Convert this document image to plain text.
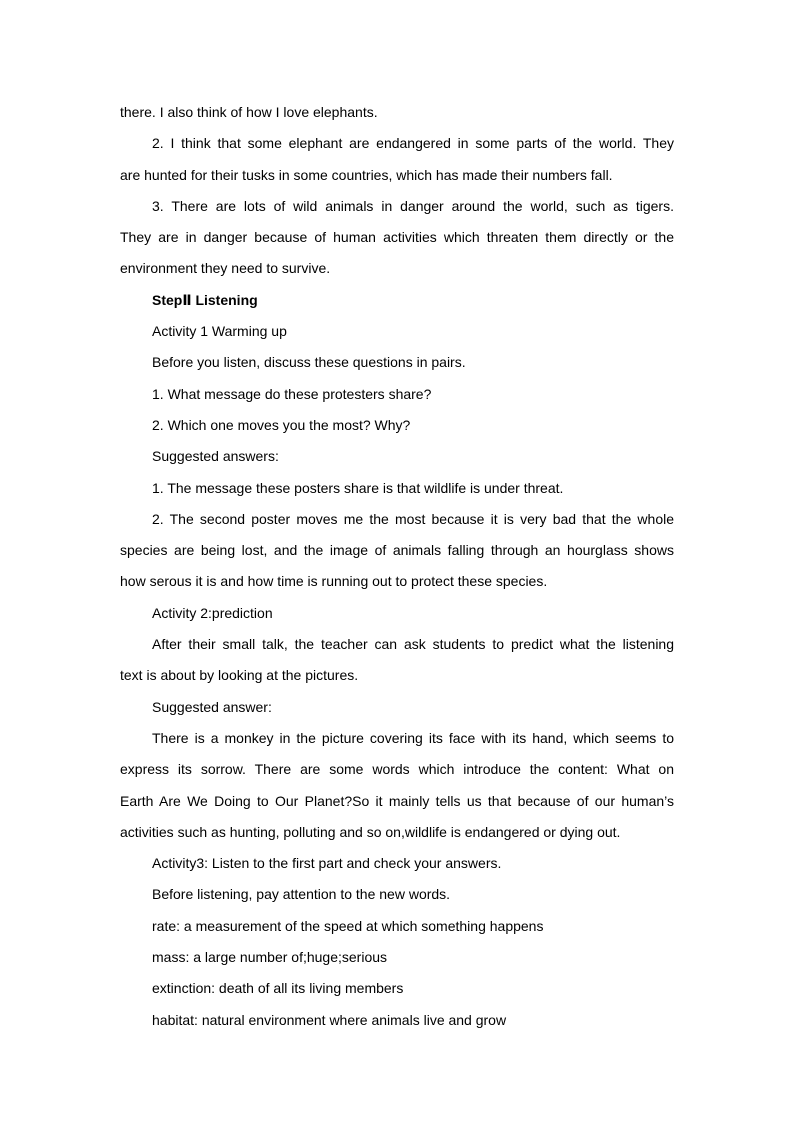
there. I also think of how I love elephants.
2. I think that some elephant are endangered in some parts of the world. They
are hunted for their tusks in some countries, which has made their numbers fall.
3. There are lots of wild animals in danger around the world, such as tigers.
They are in danger because of human activities which threaten them directly or the
environment they need to survive.
StepⅡ Listening
Activity 1 Warming up
Before you listen, discuss these questions in pairs.
1. What message do these protesters share?
2. Which one moves you the most? Why?
Suggested answers:
1. The message these posters share is that wildlife is under threat.
2. The second poster moves me the most because it is very bad that the whole
species are being lost, and the image of animals falling through an hourglass shows
how serous it is and how time is running out to protect these species.
Activity 2:prediction
After their small talk, the teacher can ask students to predict what the listening
text is about by looking at the pictures.
Suggested answer:
There is a monkey in the picture covering its face with its hand, which seems to
express its sorrow. There are some words which introduce the content: What on
Earth Are We Doing to Our Planet?So it mainly tells us that because of our human’s
activities such as hunting, polluting and so on,wildlife is endangered or dying out.
Activity3: Listen to the first part and check your answers.
Before listening, pay attention to the new words.
rate: a measurement of the speed at which something happens
mass: a large number of;huge;serious
extinction: death of all its living members
habitat: natural environment where animals live and grow
